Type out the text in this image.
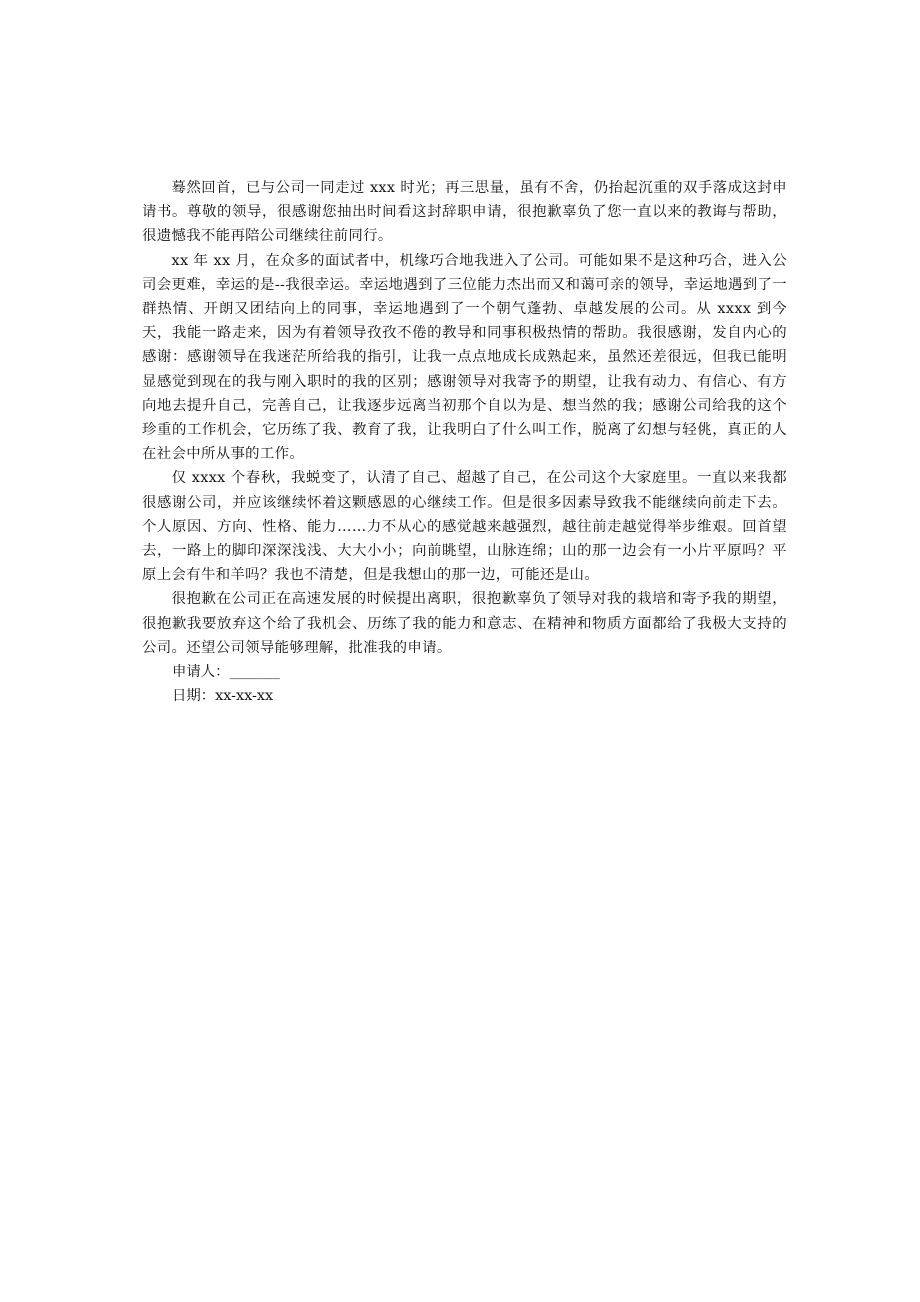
蓦然回首，已与公司一同走过 xxx 时光；再三思量，虽有不舍，仍抬起沉重的双手落成这封申请书。尊敬的领导，很感谢您抽出时间看这封辞职申请，很抱歉辜负了您一直以来的教诲与帮助，很遗憾我不能再陪公司继续往前同行。

xx 年 xx 月，在众多的面试者中，机缘巧合地我进入了公司。可能如果不是这种巧合，进入公司会更难，幸运的是--我很幸运。幸运地遇到了三位能力杰出而又和蔼可亲的领导，幸运地遇到了一群热情、开朗又团结向上的同事，幸运地遇到了一个朝气蓬勃、卓越发展的公司。从 xxxx 到今天，我能一路走来，因为有着领导孜孜不倦的教导和同事积极热情的帮助。我很感谢，发自内心的感谢：感谢领导在我迷茫所给我的指引，让我一点点地成长成熟起来，虽然还差很远，但我已能明显感觉到现在的我与刚入职时的我的区别；感谢领导对我寄予的期望，让我有动力、有信心、有方向地去提升自己，完善自己，让我逐步远离当初那个自以为是、想当然的我；感谢公司给我的这个珍重的工作机会，它历练了我、教育了我，让我明白了什么叫工作，脱离了幻想与轻佻，真正的人在社会中所从事的工作。

仅 xxxx 个春秋，我蜕变了，认清了自己、超越了自己，在公司这个大家庭里。一直以来我都很感谢公司，并应该继续怀着这颗感恩的心继续工作。但是很多因素导致我不能继续向前走下去。个人原因、方向、性格、能力……力不从心的感觉越来越强烈，越往前走越觉得举步维艰。回首望去，一路上的脚印深深浅浅、大大小小；向前眺望，山脉连绵；山的那一边会有一小片平原吗？平原上会有牛和羊吗？我也不清楚，但是我想山的那一边，可能还是山。

很抱歉在公司正在高速发展的时候提出离职，很抱歉辜负了领导对我的栽培和寄予我的期望，很抱歉我要放弃这个给了我机会、历练了我的能力和意志、在精神和物质方面都给了我极大支持的公司。还望公司领导能够理解，批准我的申请。

申请人：_______

日期：xx-xx-xx
